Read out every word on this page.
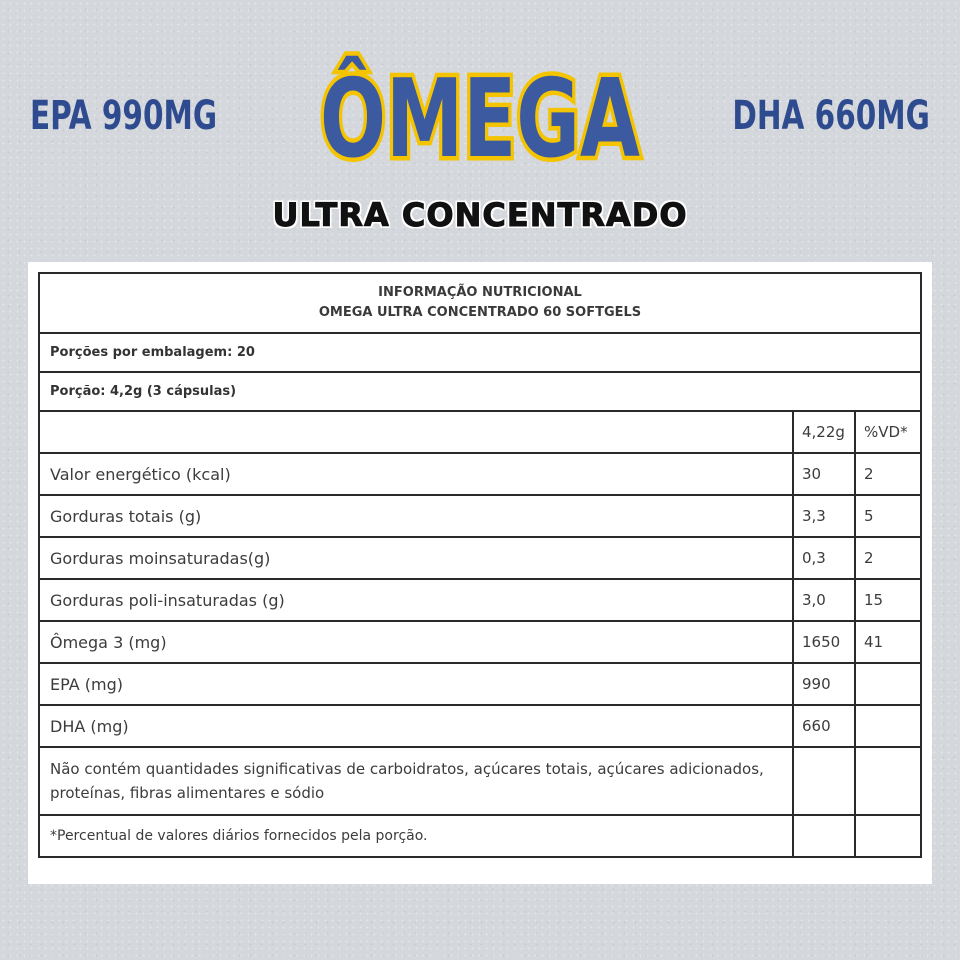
EPA 990MG ÔMEGA
DHA 660MG
ULTRA CONCENTRADO
INFORMAÇÃO NUTRICIONAL
OMEGA ULTRA CONCENTRADO 60 SOFTGELS		

Porções por embalagem: 20		
Porção: 4,2g (3 cápsulas)		
	4,22g	%VD*
Valor energético (kcal)	30	2
Gorduras totais (g)	3,3	5
Gorduras moinsaturadas(g)	0,3	2
Gorduras poli-insaturadas (g)	3,0	15
Ômega 3 (mg)	1650	41
EPA (mg)	990	
DHA (mg)	660	
Não contém quantidades significativas de carboidratos, açúcares totais, açúcares adicionados, proteínas, fibras alimentares e sódio		
*Percentual de valores diários fornecidos pela porção.		
